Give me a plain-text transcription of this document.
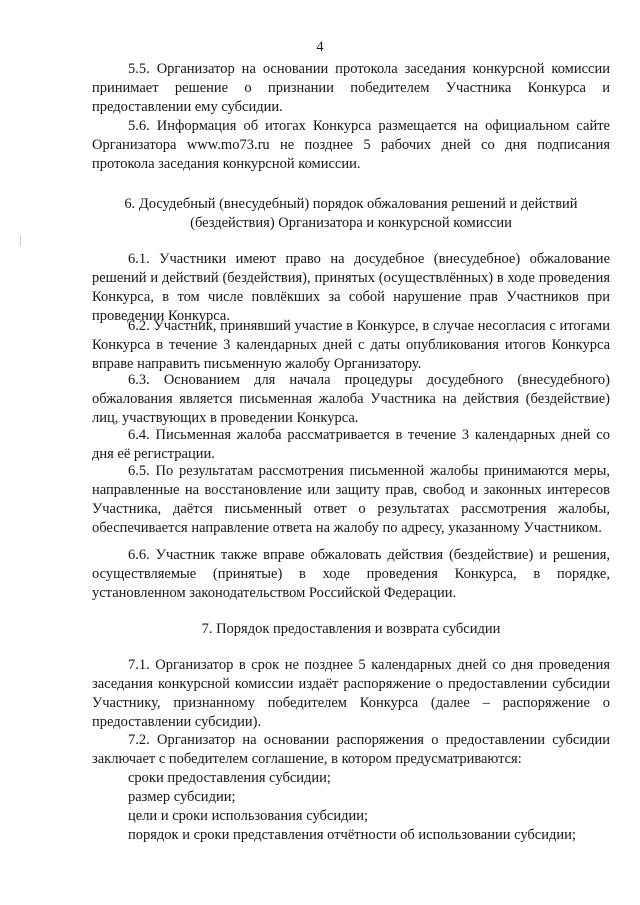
4

5.5. Организатор на основании протокола заседания конкурсной комиссии принимает решение о признании победителем Участника Конкурса и предоставлении ему субсидии.

5.6. Информация об итогах Конкурса размещается на официальном сайте Организатора www.mo73.ru не позднее 5 рабочих дней со дня подписания протокола заседания конкурсной комиссии.

6. Досудебный (внесудебный) порядок обжалования решений и действий

(бездействия) Организатора и конкурсной комиссии

6.1. Участники имеют право на досудебное (внесудебное) обжалование решений и действий (бездействия), принятых (осуществлённых) в ходе проведения Конкурса, в том числе повлёкших за собой нарушение прав Участников при проведении Конкурса.

6.2. Участник, принявший участие в Конкурсе, в случае несогласия с итогами Конкурса в течение 3 календарных дней с даты опубликования итогов Конкурса вправе направить письменную жалобу Организатору.

6.3. Основанием для начала процедуры досудебного (внесудебного) обжалования является письменная жалоба Участника на действия (бездействие) лиц, участвующих в проведении Конкурса.

6.4. Письменная жалоба рассматривается в течение 3 календарных дней со дня её регистрации.

6.5. По результатам рассмотрения письменной жалобы принимаются меры, направленные на восстановление или защиту прав, свобод и законных интересов Участника, даётся письменный ответ о результатах рассмотрения жалобы, обеспечивается направление ответа на жалобу по адресу, указанному Участником.

6.6. Участник также вправе обжаловать действия (бездействие) и решения, осуществляемые (принятые) в ходе проведения Конкурса, в порядке, установленном законодательством Российской Федерации.

7. Порядок предоставления и возврата субсидии

7.1. Организатор в срок не позднее 5 календарных дней со дня проведения заседания конкурсной комиссии издаёт распоряжение о предоставлении субсидии Участнику, признанному победителем Конкурса (далее – распоряжение о предоставлении субсидии).

7.2. Организатор на основании распоряжения о предоставлении субсидии заключает с победителем соглашение, в котором предусматриваются:

сроки предоставления субсидии;

размер субсидии;

цели и сроки использования субсидии;

порядок и сроки представления отчётности об использовании субсидии;
